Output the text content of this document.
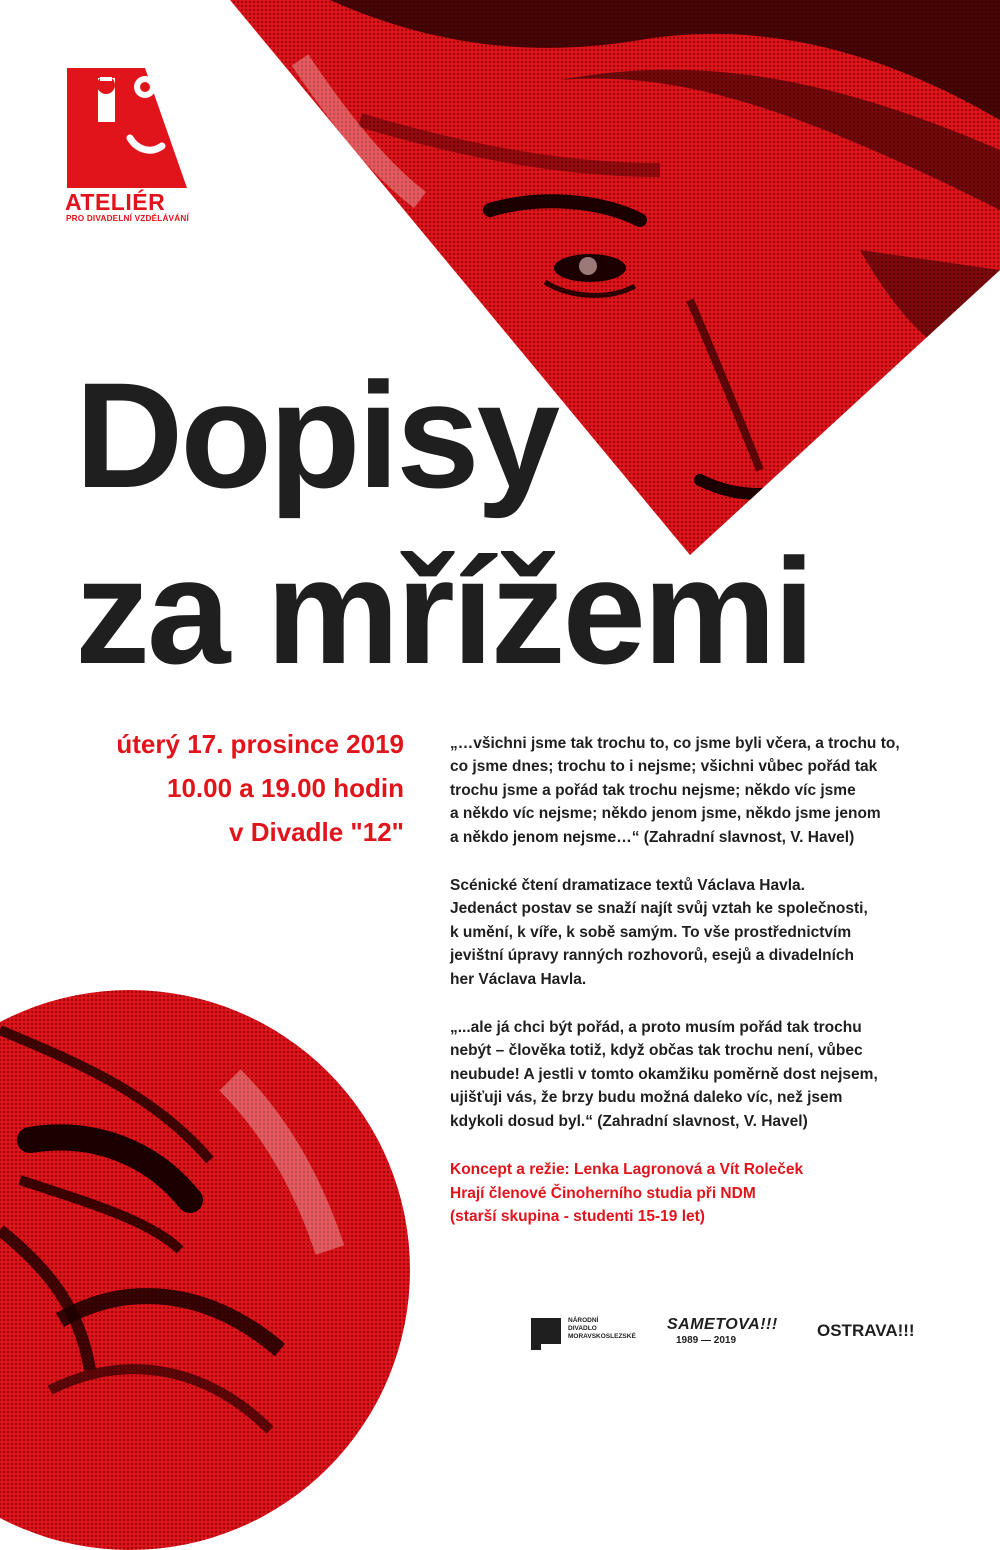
ATELIÉR
PRO DIVADELNÍ VZDĚLÁVÁNÍ
Dopisy
za mřížemi
úterý 17. prosince 2019
10.00 a 19.00 hodin
v Divadle "12"

„…všichni jsme tak trochu to, co jsme byli včera, a trochu to,
co jsme dnes; trochu to i nejsme; všichni vůbec pořád tak
trochu jsme a pořád tak trochu nejsme; někdo víc jsme
a někdo víc nejsme; někdo jenom jsme, někdo jsme jenom
a někdo jenom nejsme…“ (Zahradní slavnost, V. Havel)

Scénické čtení dramatizace textů Václava Havla.
Jedenáct postav se snaží najít svůj vztah ke společnosti,
k umění, k víře, k sobě samým. To vše prostřednictvím
jevištní úpravy ranných rozhovorů, esejů a divadelních
her Václava Havla.

„...ale já chci být pořád, a proto musím pořád tak trochu
nebýt – člověka totiž, když občas tak trochu není, vůbec
neubude! A jestli v tomto okamžiku poměrně dost nejsem,
ujišťuji vás, že brzy budu možná daleko víc, než jsem
kdykoli dosud byl.“ (Zahradní slavnost, V. Havel)

Koncept a režie: Lenka Lagronová a Vít Roleček
Hrají členové Činoherního studia při NDM
(starší skupina - studenti 15-19 let)

NÁRODNÍ DIVADLO MORAVSKOSLEZSKÉ
SAMETOVA!!!
1989 — 2019
OSTRAVA!!!
